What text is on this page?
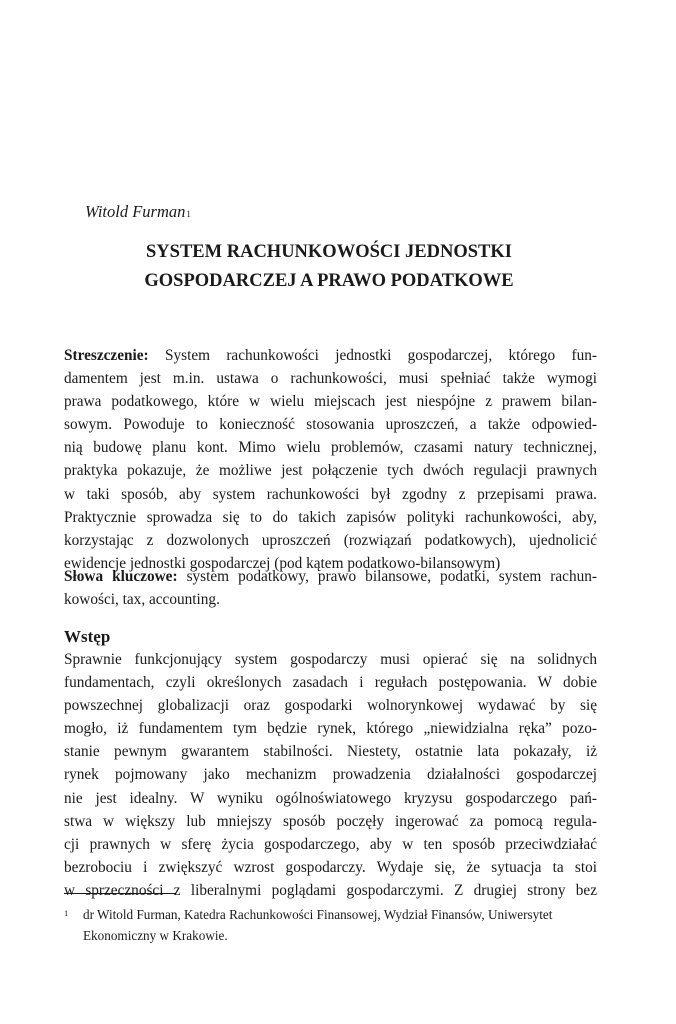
Witold Furman$^1$
SYSTEM RACHUNKOWOŚCI JEDNOSTKI
GOSPODARCZEJ A PRAWO PODATKOWE
Streszczenie: System rachunkowości jednostki gospodarczej, którego fun-
damentem jest m.in. ustawa o rachunkowości, musi spełniać także wymogi
prawa podatkowego, które w wielu miejscach jest niespójne z prawem bilan-
sowym. Powoduje to konieczność stosowania uproszczeń, a także odpowied-
nią budowę planu kont. Mimo wielu problemów, czasami natury technicznej,
praktyka pokazuje, że możliwe jest połączenie tych dwóch regulacji prawnych
w taki sposób, aby system rachunkowości był zgodny z przepisami prawa.
Praktycznie sprowadza się to do takich zapisów polityki rachunkowości, aby,
korzystając z dozwolonych uproszczeń (rozwiązań podatkowych), ujednolicić
ewidencje jednostki gospodarczej (pod kątem podatkowo-bilansowym)
Słowa kluczowe: system podatkowy, prawo bilansowe, podatki, system rachun-
kowości, tax, accounting.
Wstęp
Sprawnie funkcjonujący system gospodarczy musi opierać się na solidnych
fundamentach, czyli określonych zasadach i regułach postępowania. W dobie
powszechnej globalizacji oraz gospodarki wolnorynkowej wydawać by się
mogło, iż fundamentem tym będzie rynek, którego „niewidzialna ręka” pozo-
stanie pewnym gwarantem stabilności. Niestety, ostatnie lata pokazały, iż
rynek pojmowany jako mechanizm prowadzenia działalności gospodarczej
nie jest idealny. W wyniku ogólnoświatowego kryzysu gospodarczego pań-
stwa w większy lub mniejszy sposób poczęły ingerować za pomocą regula-
cji prawnych w sferę życia gospodarczego, aby w ten sposób przeciwdziałać
bezrobociu i zwiększyć wzrost gospodarczy. Wydaje się, że sytuacja ta stoi
w sprzeczności z liberalnymi poglądami gospodarczymi. Z drugiej strony bez
1 dr Witold Furman, Katedra Rachunkowości Finansowej, Wydział Finansów, Uniwersytet
Ekonomiczny w Krakowie.
